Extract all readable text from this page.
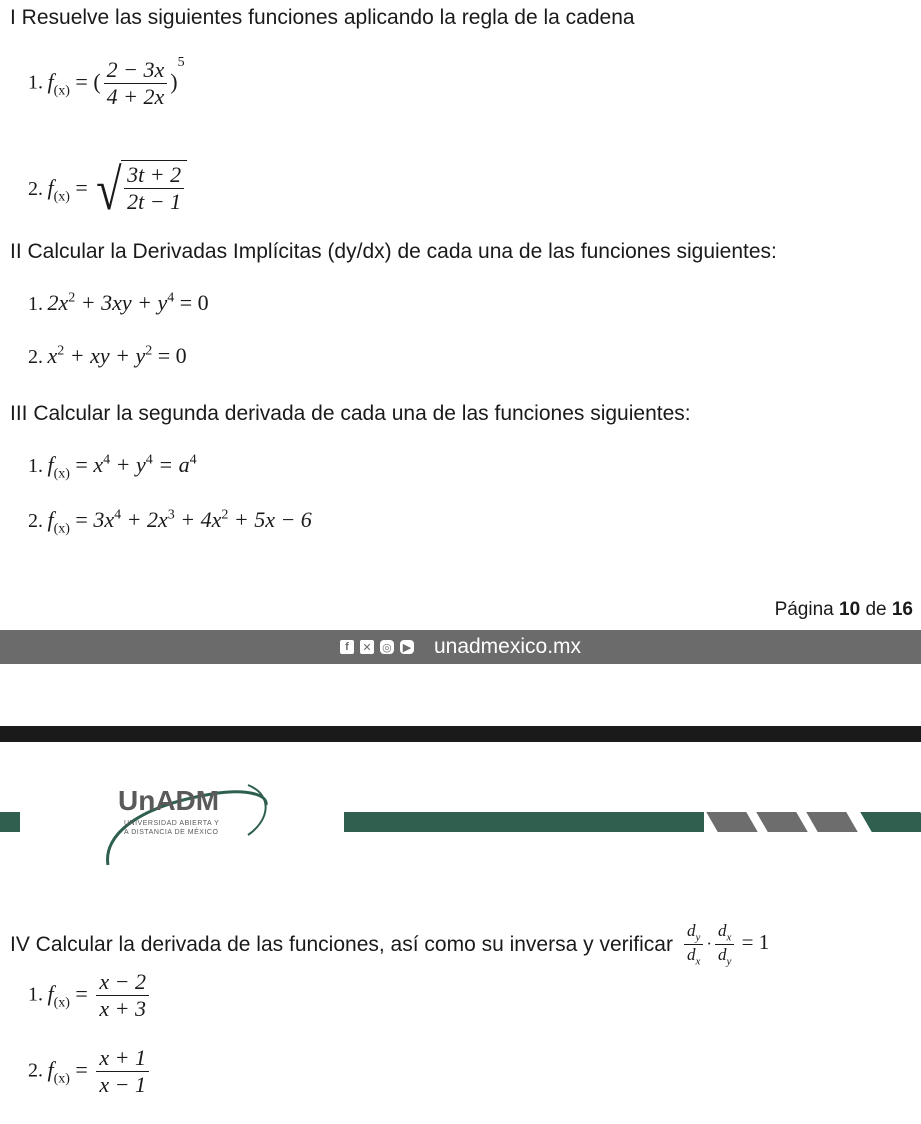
I Resuelve las siguientes funciones aplicando la regla de la cadena
1. $f_{(x)}$ = ( $\frac{2 - 3x}{4 + 2x} )^5$
2. $f_{(x)}$ = √ $\frac{3t + 2}{2t - 1}$
II Calcular la Derivadas Implícitas (dy/dx) de cada una de las funciones siguientes:
1. $2x^2 + 3xy + y^4 = 0$
2. $x^2$ + xy + $y^2 = 0$
III Calcular la segunda derivada de cada una de las funciones siguientes:
1. $f_{(x)} = x^4 + y^4 = a^4$
2. $f_{(x)} = 3x^4 + 2x^3 + 4x^2 + 5x - 6$
Página 10 de 16
f	✕ ◎ ▶ unadmexico.mx
UnADM
UNIVERSIDAD ABIERTA Y
A DISTANCIA DE MÉXICO
IV Calcular la derivada de las funciones, así como su inversa y verificar $\frac{d_y}{d_x} \cdot \frac{d_x}{d_y} = 1$
1. $f_{(x)} = \frac{x - 2}{x + 3}$
2. $f_{(x)} = \frac{x + 1}{x - 1}$
